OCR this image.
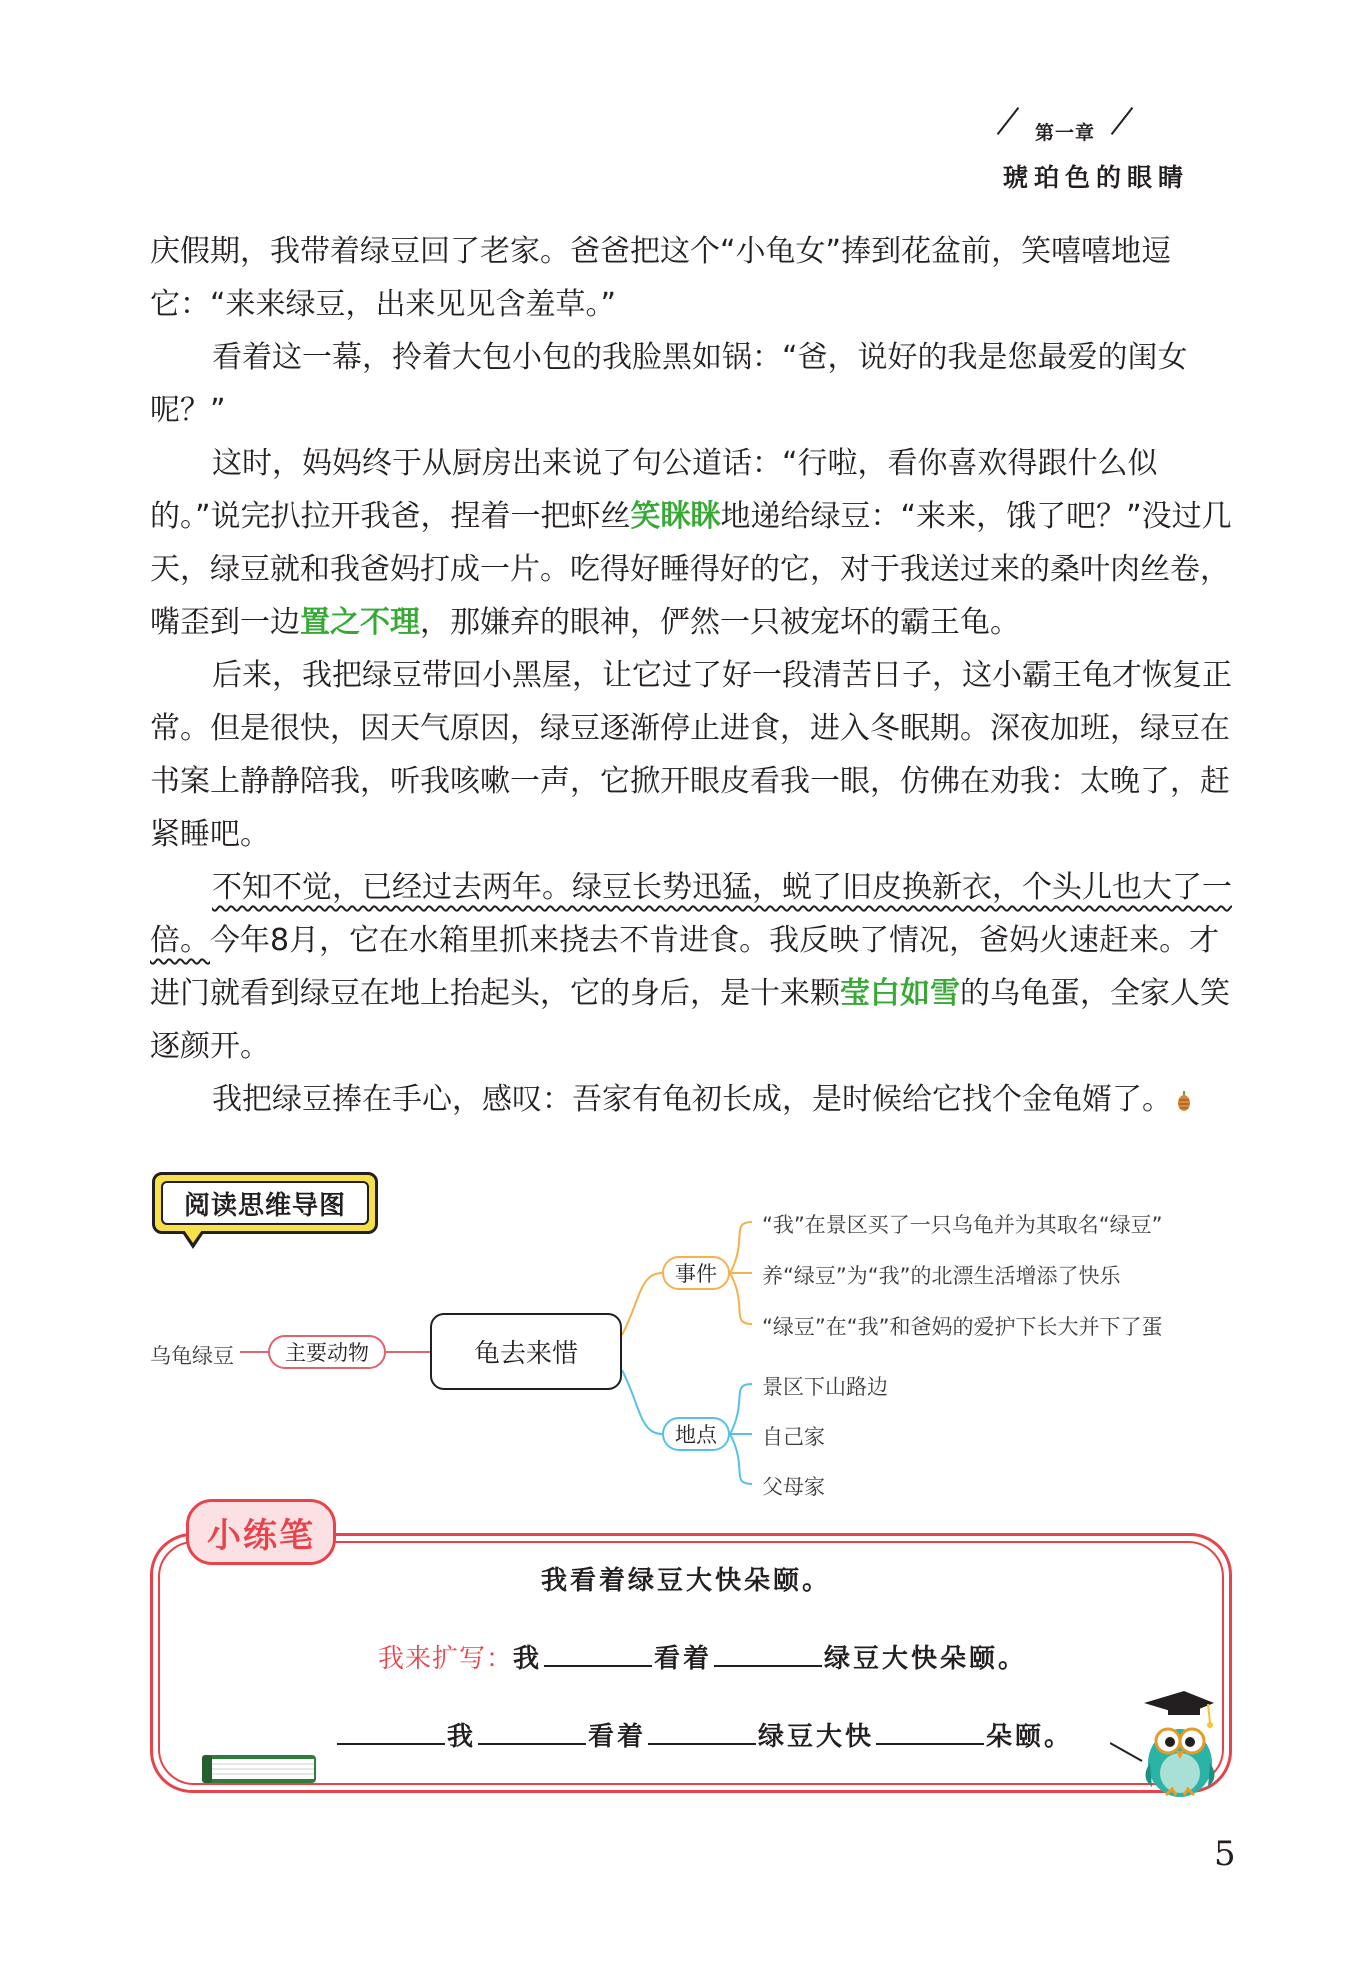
第一章
琥珀色的眼睛

庆假期，我带着绿豆回了老家。爸爸把这个“小龟女”捧到花盆前，笑嘻嘻地逗它：“来来绿豆，出来见见含羞草。”

看着这一幕，拎着大包小包的我脸黑如锅：“爸，说好的我是您最爱的闺女呢？”

这时，妈妈终于从厨房出来说了句公道话：“行啦，看你喜欢得跟什么似的。”说完扒拉开我爸，捏着一把虾丝笑眯眯地递给绿豆：“来来，饿了吧？”没过几天，绿豆就和我爸妈打成一片。吃得好睡得好的它，对于我送过来的桑叶肉丝卷，嘴歪到一边置之不理，那嫌弃的眼神，俨然一只被宠坏的霸王龟。

后来，我把绿豆带回小黑屋，让它过了好一段清苦日子，这小霸王龟才恢复正常。但是很快，因天气原因，绿豆逐渐停止进食，进入冬眠期。深夜加班，绿豆在书案上静静陪我，听我咳嗽一声，它掀开眼皮看我一眼，仿佛在劝我：太晚了，赶紧睡吧。

不知不觉，已经过去两年。绿豆长势迅猛，蜕了旧皮换新衣，个头儿也大了一倍。今年8月，它在水箱里抓来挠去不肯进食。我反映了情况，爸妈火速赶来。才进门就看到绿豆在地上抬起头，它的身后，是十来颗莹白如雪的乌龟蛋，全家人笑逐颜开。

我把绿豆捧在手心，感叹：吾家有龟初长成，是时候给它找个金龟婿了。

阅读思维导图
乌龟绿豆	主要动物	龟去来惜
事件
地点
“我”在景区买了一只乌龟并为其取名“绿豆”
养“绿豆”为“我”的北漂生活增添了快乐
“绿豆”在“我”和爸妈的爱护下长大并下了蛋
景区下山路边
自己家
父母家
小练笔
我看着绿豆大快朵颐。
我来扩写：我	看着	绿豆大快朵颐。
我	看着	绿豆大快	朵颐。
5
